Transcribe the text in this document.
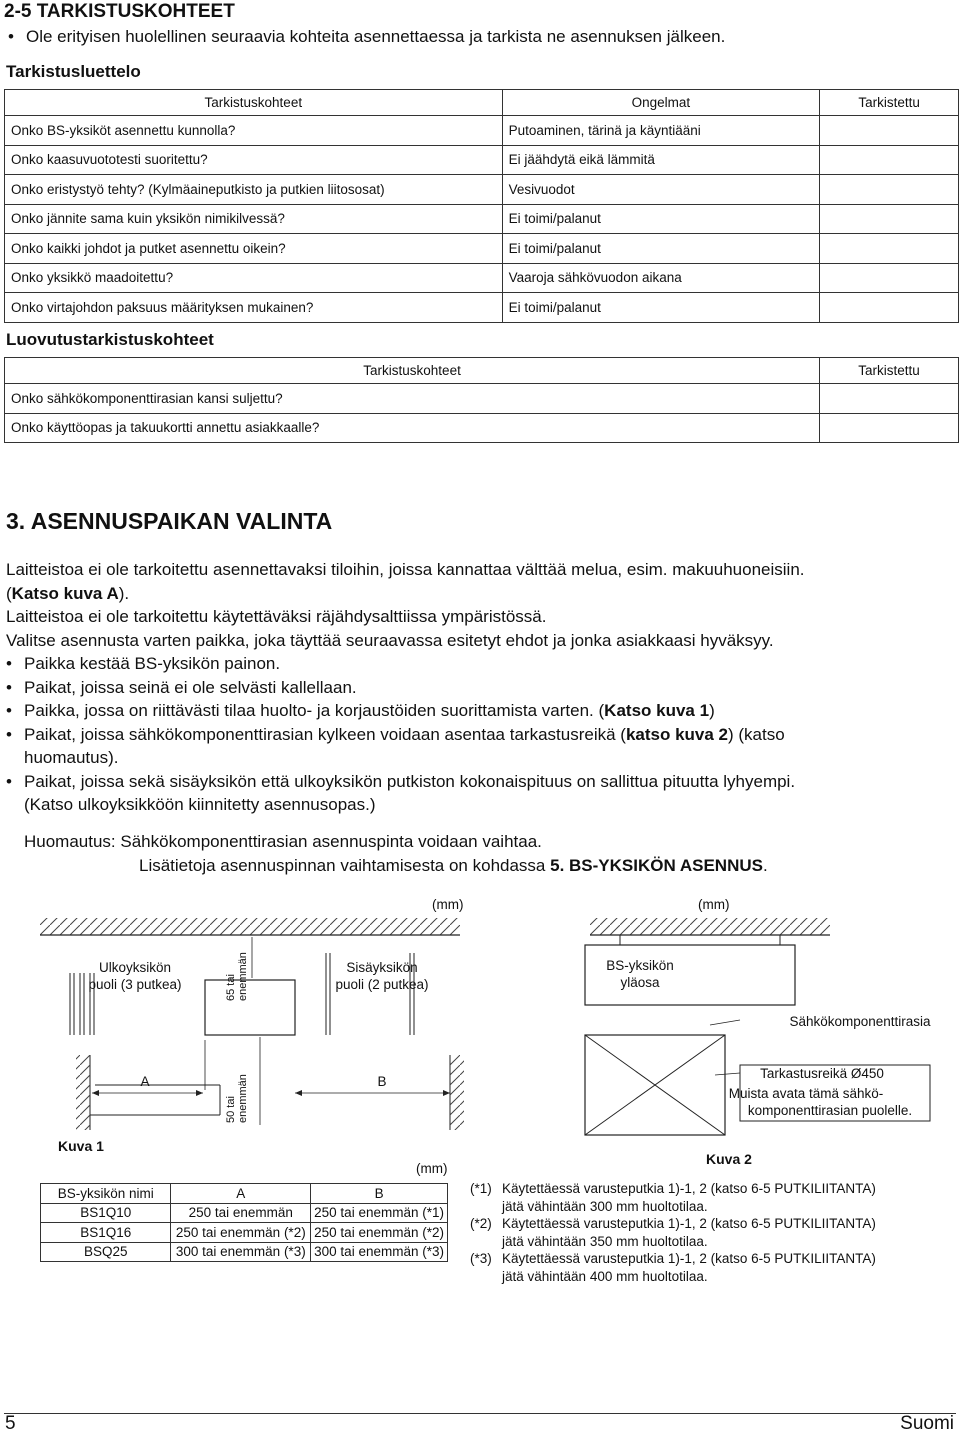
2-5 TARKISTUSKOHTEET
• Ole erityisen huolellinen seuraavia kohteita asennettaessa ja tarkista ne asennuksen jälkeen.
Tarkistusluettelo
Tarkistuskohteet	Ongelmat	Tarkistettu
Onko BS-yksiköt asennettu kunnolla?	Putoaminen, tärinä ja käyntiääni	
Onko kaasuvuototesti suoritettu?	Ei jäähdytä eikä lämmitä	
Onko eristystyö tehty? (Kylmäaineputkisto ja putkien liitososat)	Vesivuodot	
Onko jännite sama kuin yksikön nimikilvessä?	Ei toimi/palanut	
Onko kaikki johdot ja putket asennettu oikein?	Ei toimi/palanut	
Onko yksikkö maadoitettu?	Vaaroja sähkövuodon aikana	
Onko virtajohdon paksuus määrityksen mukainen?	Ei toimi/palanut	
Luovutustarkistuskohteet
Tarkistuskohteet	Tarkistettu
Onko sähkökomponenttirasian kansi suljettu?	
Onko käyttöopas ja takuukortti annettu asiakkaalle?	
3. ASENNUSPAIKAN VALINTA
Laitteistoa ei ole tarkoitettu asennettavaksi tiloihin, joissa kannattaa välttää melua, esim. makuuhuoneisiin.
(Katso kuva A).
Laitteistoa ei ole tarkoitettu käytettäväksi räjähdysalttiissa ympäristössä.
Valitse asennusta varten paikka, joka täyttää seuraavassa esitetyt ehdot ja jonka asiakkaasi hyväksyy.
• Paikka kestää BS-yksikön painon.
• Paikat, joissa seinä ei ole selvästi kallellaan.
• Paikka, jossa on riittävästi tilaa huolto- ja korjaustöiden suorittamista varten. (Katso kuva 1)
• Paikat, joissa sähkökomponenttirasian kylkeen voidaan asentaa tarkastusreikä (katso kuva 2) (katso
huomautus).
• Paikat, joissa sekä sisäyksikön että ulkoyksikön putkiston kokonaispituus on sallittua pituutta lyhyempi.
(Katso ulkoyksikköön kiinnitetty asennusopas.)
Huomautus: Sähkökomponenttirasian asennuspinta voidaan vaihtaa.
Lisätietoja asennuspinnan vaihtamisesta on kohdassa 5. BS-YKSIKÖN ASENNUS.
(mm)
Ulkoyksikön
puoli (3 putkea)
Sisäyksikön
puoli (2 putkea)
65 tai enemmän
A
50 tai enemmän	B
Kuva 1
(mm)
BS-yksikön
yläosa
Sähkökomponenttirasia
Tarkastusreikä Ø450
Muista avata tämä sähkö-
komponenttirasian puolelle.
Kuva 2
(mm)
BS-yksikön nimi	A	B
BS1Q10	250 tai enemmän	250 tai enemmän (*1)
BS1Q16	250 tai enemmän (*2)	250 tai enemmän (*2)
BSQ25	300 tai enemmän (*3)	300 tai enemmän (*3)
(*1) Käytettäessä varusteputkia 1)-1, 2 (katso 6-5 PUTKILIITANTA)
jätä vähintään 300 mm huoltotilaa.
(*2) Käytettäessä varusteputkia 1)-1, 2 (katso 6-5 PUTKILIITANTA)
jätä vähintään 350 mm huoltotilaa.
(*3) Käytettäessä varusteputkia 1)-1, 2 (katso 6-5 PUTKILIITANTA)
jätä vähintään 400 mm huoltotilaa.
5	Suomi
